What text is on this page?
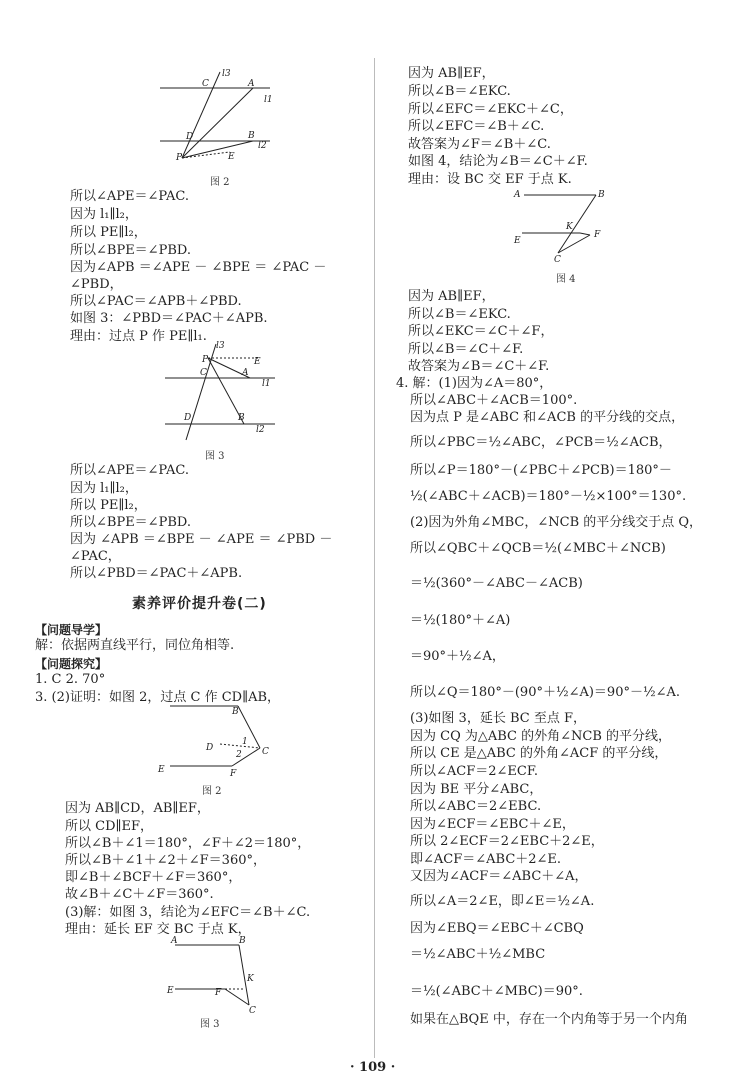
l3
C	A
l1
D	B
l2
P	E
图 2
所以∠APE＝∠PAC.
因为 l₁∥l₂，
所以 PE∥l₂，
所以∠BPE＝∠PBD.
因为∠APB ＝∠APE － ∠BPE ＝ ∠PAC －
∠PBD，
所以∠PAC＝∠APB＋∠PBD.
如图 3：∠PBD＝∠PAC＋∠APB.
理由：过点 P 作 PE∥l₁.
l3
P	E
C	A
l1
D	B
l2
图 3
所以∠APE＝∠PAC.
因为 l₁∥l₂，
所以 PE∥l₂，
所以∠BPE＝∠PBD.
因为 ∠APB ＝∠BPE － ∠APE ＝ ∠PBD －
∠PAC，
所以∠PBD＝∠PAC＋∠APB.
素养评价提升卷(二)
【问题导学】
解：依据两直线平行，同位角相等.
【问题探究】
1. C 2. 70°
3. (2)证明：如图 2，过点 C 作 CD∥AB，
B
D
1
2 C
E	F
图 2
因为 AB∥CD，AB∥EF，
所以 CD∥EF，
所以∠B＋∠1＝180°，∠F＋∠2＝180°，
所以∠B＋∠1＋∠2＋∠F＝360°，
即∠B＋∠BCF＋∠F＝360°，
故∠B＋∠C＋∠F＝360°.
(3)解：如图 3，结论为∠EFC＝∠B＋∠C.
理由：延长 EF 交 BC 于点 K，
A	B
K
E	F
C
图 3
因为 AB∥EF，
所以∠B＝∠EKC.
所以∠EFC＝∠EKC＋∠C，
所以∠EFC＝∠B＋∠C.
故答案为∠F＝∠B＋∠C.
如图 4，结论为∠B＝∠C＋∠F.
理由：设 BC 交 EF 于点 K.
A	B
K
F
E
C
图 4
因为 AB∥EF，
所以∠B＝∠EKC.
所以∠EKC＝∠C＋∠F，
所以∠B＝∠C＋∠F.
故答案为∠B＝∠C＋∠F.
4. 解：(1)因为∠A＝80°，
所以∠ABC＋∠ACB＝100°.
因为点 P 是∠ABC 和∠ACB 的平分线的交点，
所以∠PBC＝½∠ABC，∠PCB＝½∠ACB，
所以∠P＝180°－(∠PBC＋∠PCB)＝180°－
½(∠ABC＋∠ACB)＝180°－½×100°＝130°.
(2)因为外角∠MBC，∠NCB 的平分线交于点 Q，
所以∠QBC＋∠QCB＝½(∠MBC＋∠NCB)
＝½(360°－∠ABC－∠ACB)
＝½(180°＋∠A)
＝90°＋½∠A，
所以∠Q＝180°－(90°＋½∠A)＝90°－½∠A.
(3)如图 3，延长 BC 至点 F，
因为 CQ 为△ABC 的外角∠NCB 的平分线，
所以 CE 是△ABC 的外角∠ACF 的平分线，
所以∠ACF＝2∠ECF.
因为 BE 平分∠ABC，
所以∠ABC＝2∠EBC.
因为∠ECF＝∠EBC＋∠E，
所以 2∠ECF＝2∠EBC＋2∠E，
即∠ACF＝∠ABC＋2∠E.
又因为∠ACF＝∠ABC＋∠A，
所以∠A＝2∠E，即∠E＝½∠A.
因为∠EBQ＝∠EBC＋∠CBQ
＝½∠ABC＋½∠MBC
＝½(∠ABC＋∠MBC)＝90°.
如果在△BQE 中，存在一个内角等于另一个内角
· 109 ·
